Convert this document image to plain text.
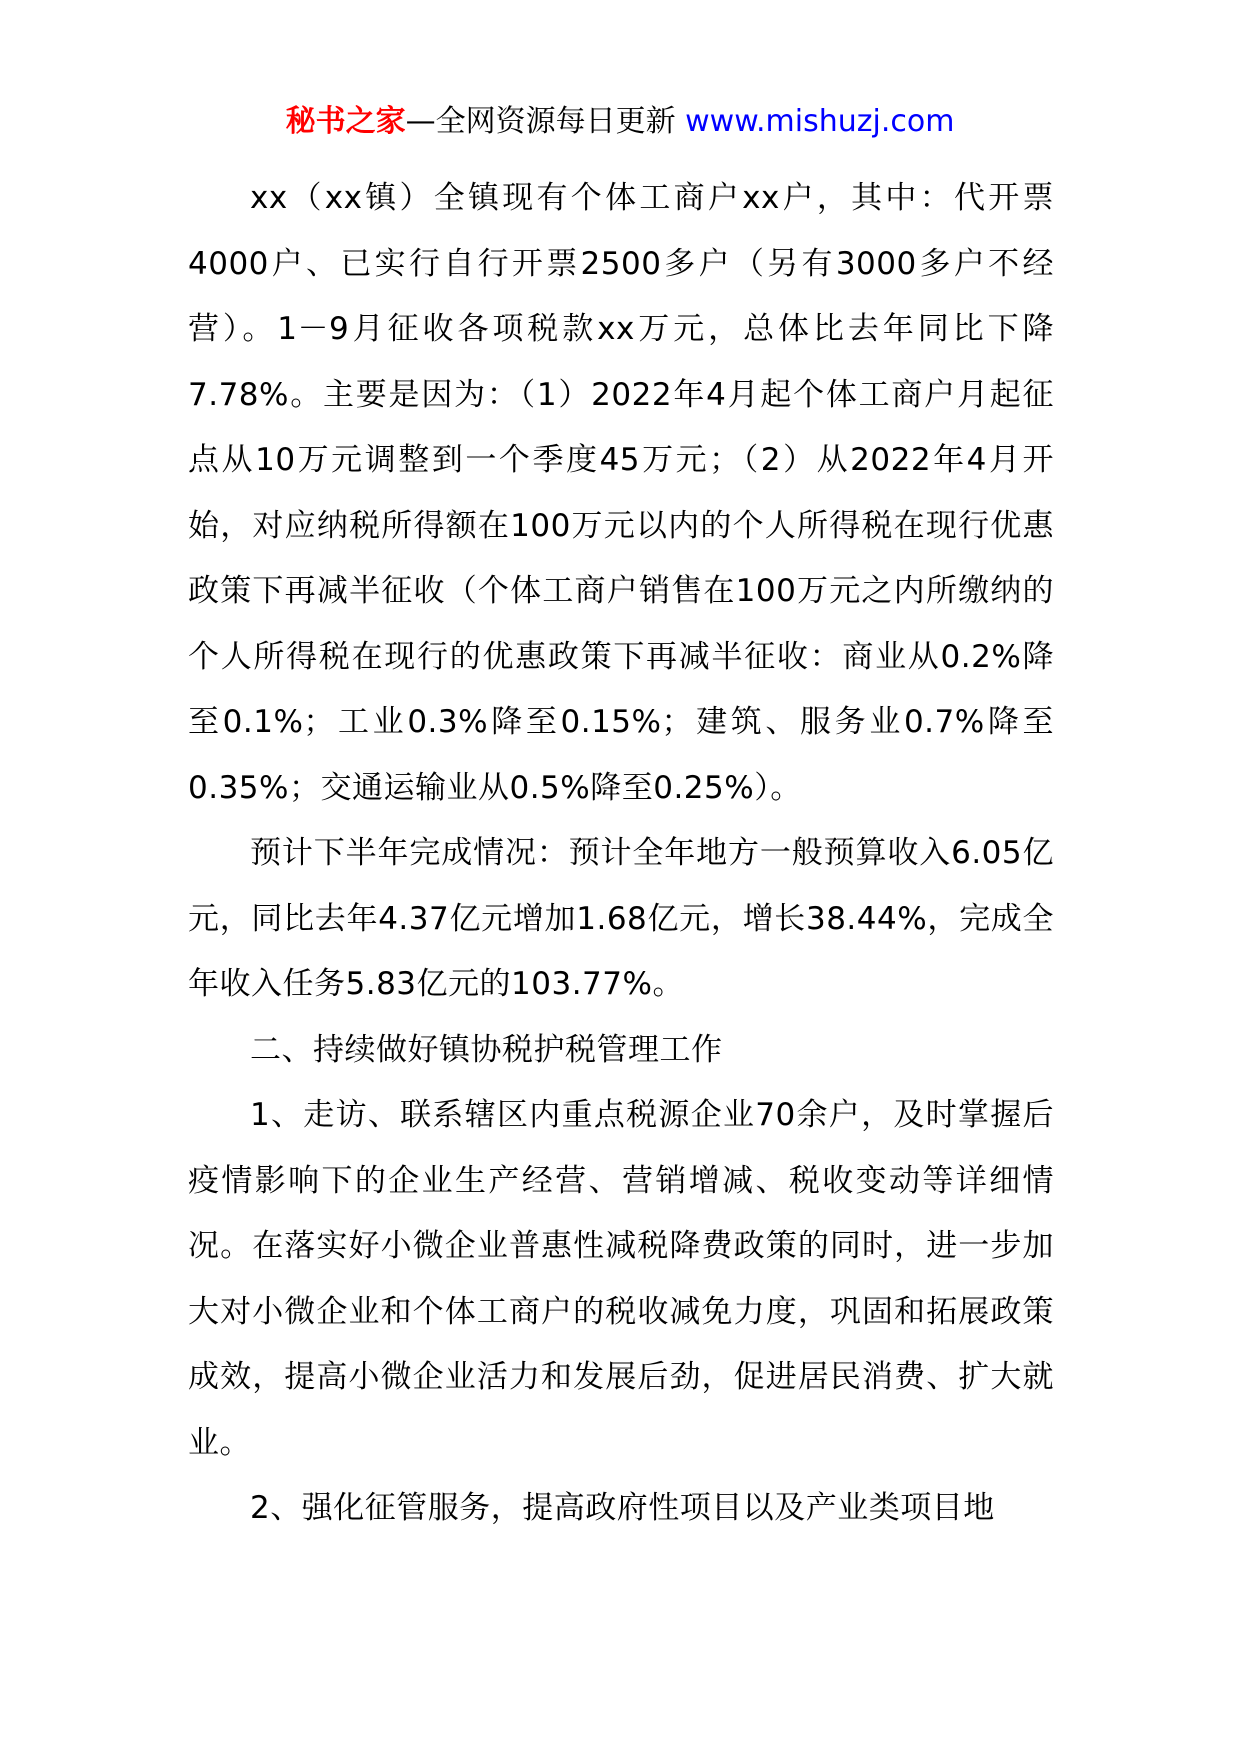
秘书之家—全网资源每日更新 www.mishuzj.com

xx（xx镇）全镇现有个体工商户xx户，其中：代开票4000户、已实行自行开票2500多户（另有3000多户不经营）。1－9月征收各项税款xx万元，总体比去年同比下降7.78%。主要是因为：（1）2022年4月起个体工商户月起征点从10万元调整到一个季度45万元；（2）从2022年4月开始，对应纳税所得额在100万元以内的个人所得税在现行优惠政策下再减半征收（个体工商户销售在100万元之内所缴纳的个人所得税在现行的优惠政策下再减半征收：商业从0.2%降至0.1%；工业0.3%降至0.15%；建筑、服务业0.7%降至0.35%；交通运输业从0.5%降至0.25%）。

预计下半年完成情况：预计全年地方一般预算收入6.05亿元，同比去年4.37亿元增加1.68亿元，增长38.44%，完成全年收入任务5.83亿元的103.77%。

二、持续做好镇协税护税管理工作

1、走访、联系辖区内重点税源企业70余户，及时掌握后疫情影响下的企业生产经营、营销增减、税收变动等详细情况。在落实好小微企业普惠性减税降费政策的同时，进一步加大对小微企业和个体工商户的税收减免力度，巩固和拓展政策成效，提高小微企业活力和发展后劲，促进居民消费、扩大就业。

2、强化征管服务，提高政府性项目以及产业类项目地
